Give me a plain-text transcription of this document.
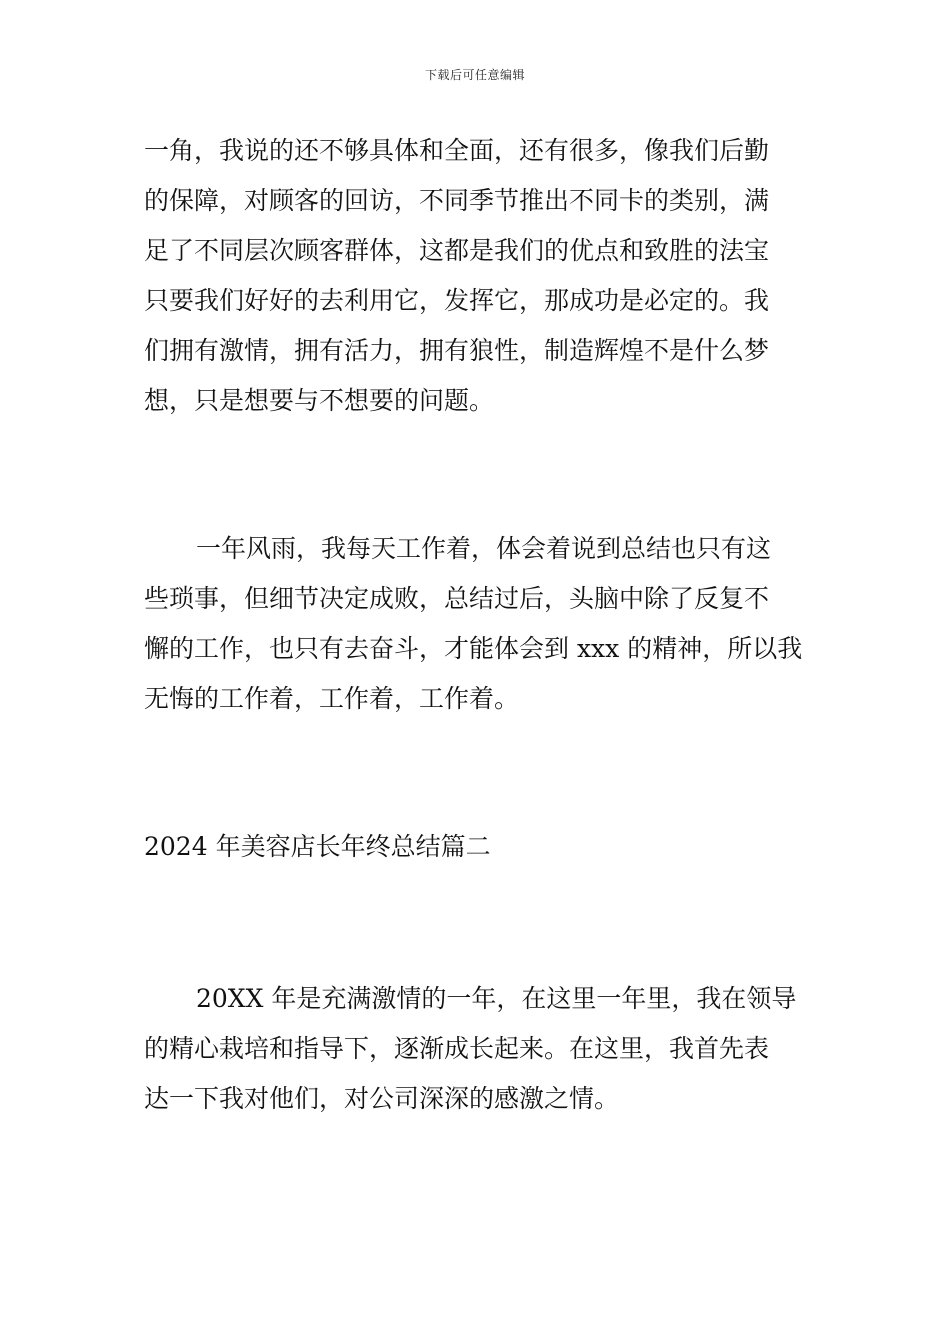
下载后可任意编辑
一角，我说的还不够具体和全面，还有很多，像我们后勤
的保障，对顾客的回访，不同季节推出不同卡的类别，满
足了不同层次顾客群体，这都是我们的优点和致胜的法宝
只要我们好好的去利用它，发挥它，那成功是必定的。我
们拥有激情，拥有活力，拥有狼性，制造辉煌不是什么梦
想，只是想要与不想要的问题。
一年风雨，我每天工作着，体会着说到总结也只有这
些琐事，但细节决定成败，总结过后，头脑中除了反复不
懈的工作，也只有去奋斗，才能体会到 xxx 的精神，所以我
无悔的工作着，工作着，工作着。
2024 年美容店长年终总结篇二
20XX 年是充满激情的一年，在这里一年里，我在领导
的精心栽培和指导下，逐渐成长起来。在这里，我首先表
达一下我对他们，对公司深深的感激之情。
